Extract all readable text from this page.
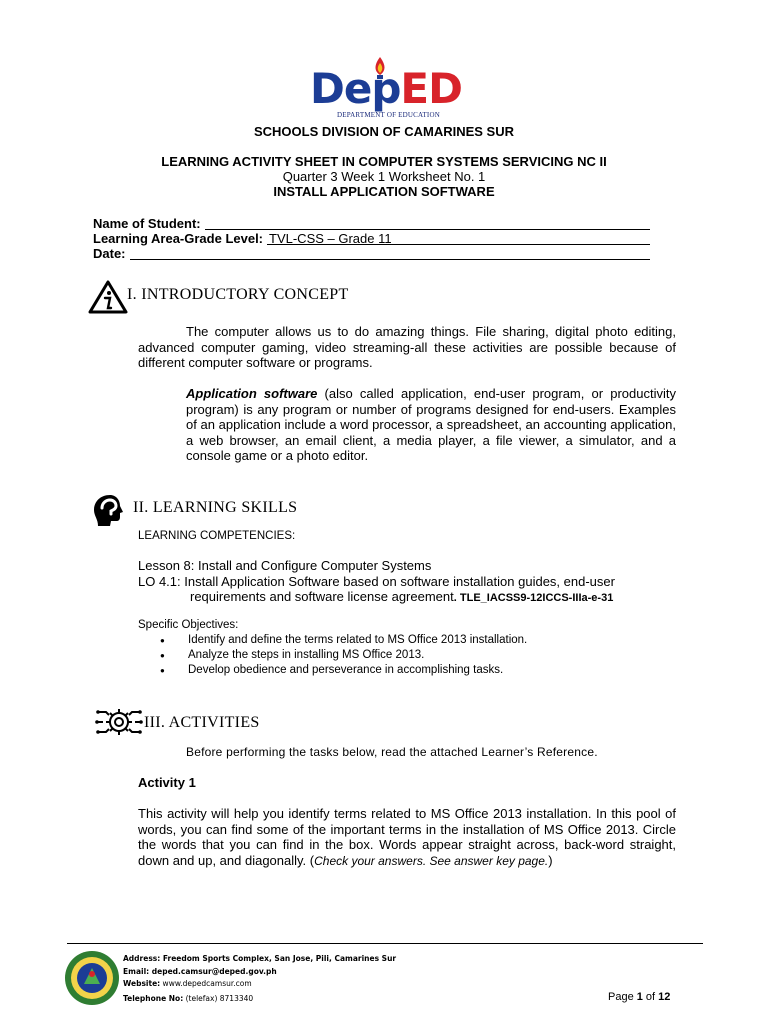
DepED
DEPARTMENT OF EDUCATION
SCHOOLS DIVISION OF CAMARINES SUR
LEARNING ACTIVITY SHEET IN COMPUTER SYSTEMS SERVICING NC II
Quarter 3 Week 1 Worksheet No. 1
INSTALL APPLICATION SOFTWARE
Name of Student:
Learning Area-Grade Level: TVL-CSS – Grade 11
Date:
I. INTRODUCTORY CONCEPT
The computer allows us to do amazing things. File sharing, digital photo editing, advanced computer gaming, video streaming-all these activities are possible because of different computer software or programs.
Application software (also called application, end-user program, or productivity program) is any program or number of programs designed for end-users. Examples of an application include a word processor, a spreadsheet, an accounting application, a web browser, an email client, a media player, a file viewer, a simulator, and a console game or a photo editor.
II. LEARNING SKILLS
LEARNING COMPETENCIES:
Lesson 8: Install and Configure Computer Systems
LO 4.1: Install Application Software based on software installation guides, end-user
requirements and software license agreement. TLE_IACSS9-12ICCS-IIIa-e-31
Specific Objectives:
● Identify and define the terms related to MS Office 2013 installation.
● Analyze the steps in installing MS Office 2013.
● Develop obedience and perseverance in accomplishing tasks.
III. ACTIVITIES
Before performing the tasks below, read the attached Learner’s Reference.
Activity 1
This activity will help you identify terms related to MS Office 2013 installation. In this pool of words, you can find some of the important terms in the installation of MS Office 2013. Circle the words that you can find in the box. Words appear straight across, back-word straight, down and up, and diagonally. (Check your answers. See answer key page.)
Address: Freedom Sports Complex, San Jose, Pili, Camarines Sur
Email: deped.camsur@deped.gov.ph
Website: www.depedcamsur.com
Telephone No: (telefax) 8713340	Page 1 of 12
